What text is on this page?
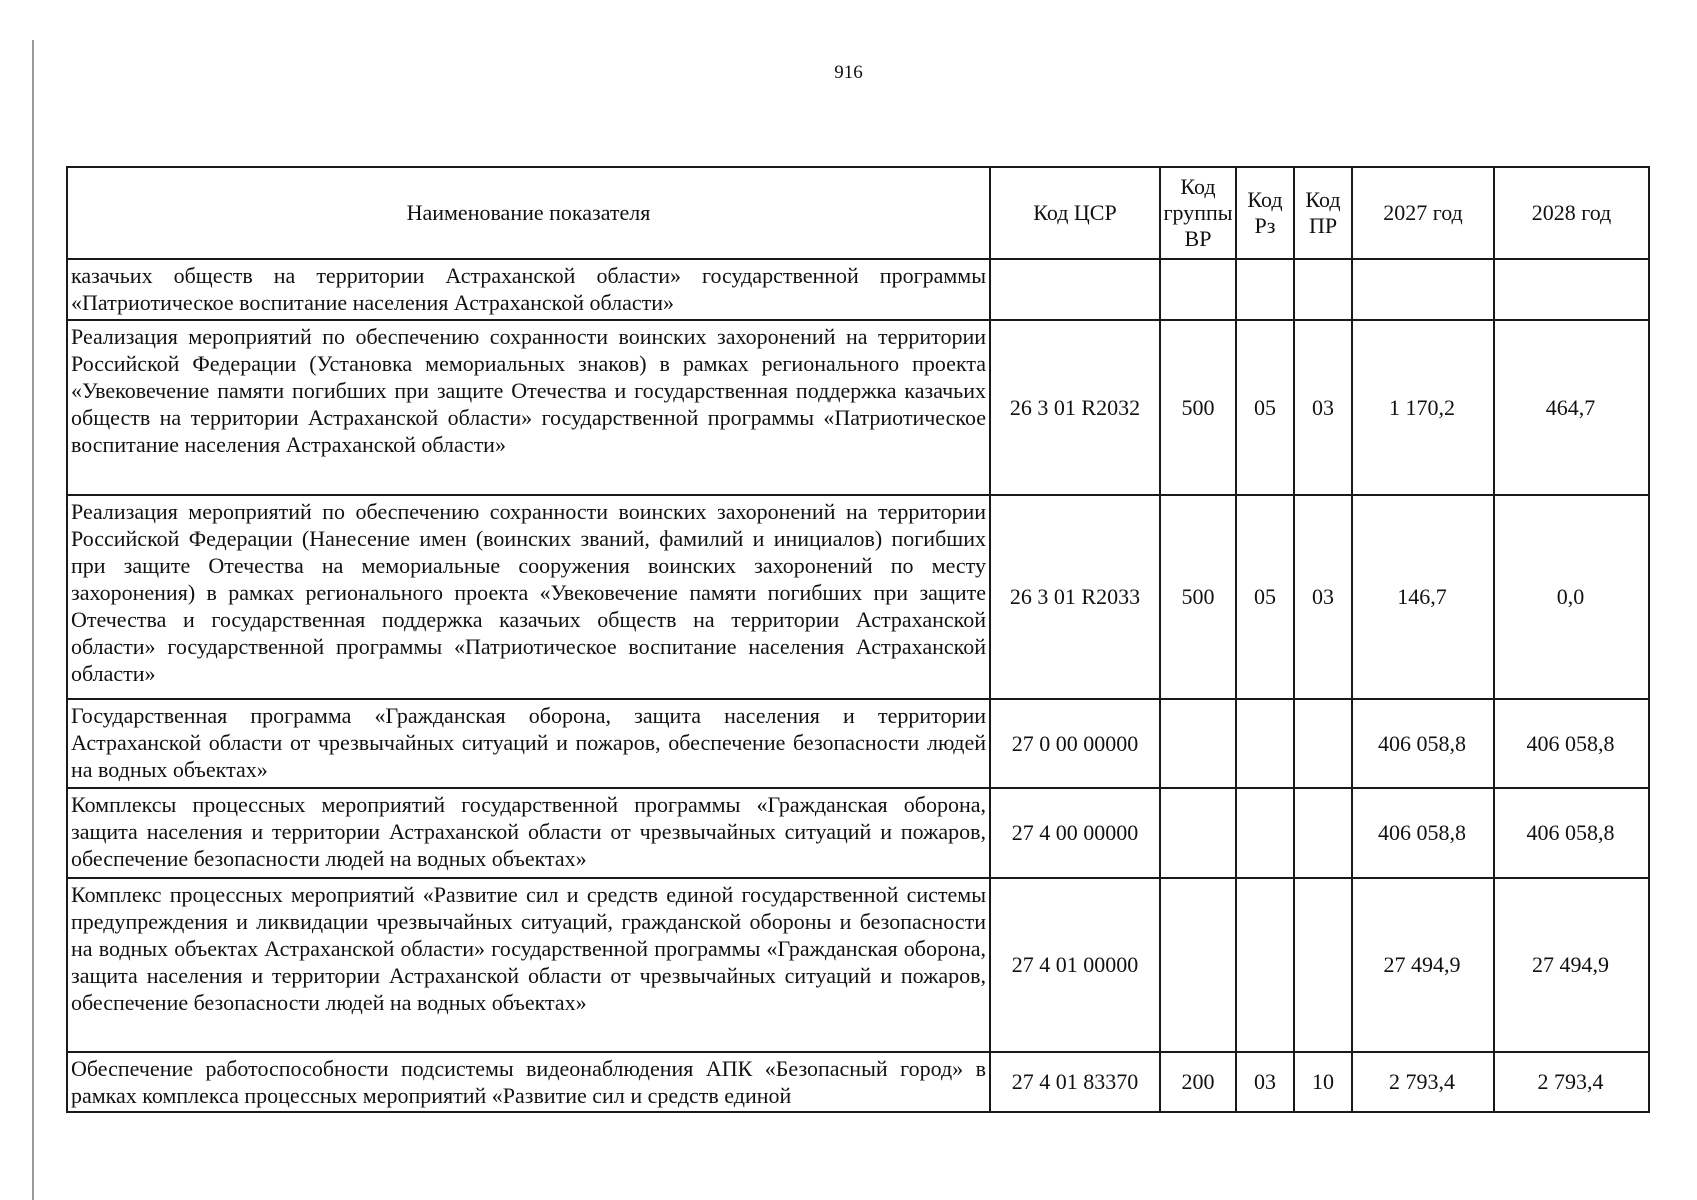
916
Наименование показателя	Код ЦСР	Код группы ВР	Код Рз	Код ПР	2027 год	2028 год
казачьих обществ на территории Астраханской области» государственной программы «Патриотическое воспитание населения Астраханской области»						
Реализация мероприятий по обеспечению сохранности воинских захоронений на территории Российской Федерации (Установка мемориальных знаков) в рамках регионального проекта «Увековечение памяти погибших при защите Отечества и государственная поддержка казачьих обществ на территории Астраханской области» государственной программы «Патриотическое воспитание населения Астраханской области»	26 3 01 R2032	500	05	03	1 170,2	464,7
Реализация мероприятий по обеспечению сохранности воинских захоронений на территории Российской Федерации (Нанесение имен (воинских званий, фамилий и инициалов) погибших при защите Отечества на мемориальные сооружения воинских захоронений по месту захоронения) в рамках регионального проекта «Увековечение памяти погибших при защите Отечества и государственная поддержка казачьих обществ на территории Астраханской области» государственной программы «Патриотическое воспитание населения Астраханской области»	26 3 01 R2033	500	05	03	146,7	0,0
Государственная программа «Гражданская оборона, защита населения и территории Астраханской области от чрезвычайных ситуаций и пожаров, обеспечение безопасности людей на водных объектах»	27 0 00 00000				406 058,8	406 058,8
Комплексы процессных мероприятий государственной программы «Гражданская оборона, защита населения и территории Астраханской области от чрезвычайных ситуаций и пожаров, обеспечение безопасности людей на водных объектах»	27 4 00 00000				406 058,8	406 058,8
Комплекс процессных мероприятий «Развитие сил и средств единой государственной системы предупреждения и ликвидации чрезвычайных ситуаций, гражданской обороны и безопасности на водных объектах Астраханской области» государственной программы «Гражданская оборона, защита населения и территории Астраханской области от чрезвычайных ситуаций и пожаров, обеспечение безопасности людей на водных объектах»	27 4 01 00000				27 494,9	27 494,9
Обеспечение работоспособности подсистемы видеонаблюдения АПК «Безопасный город» в рамках комплекса процессных мероприятий «Развитие сил и средств единой	27 4 01 83370	200	03	10	2 793,4	2 793,4
